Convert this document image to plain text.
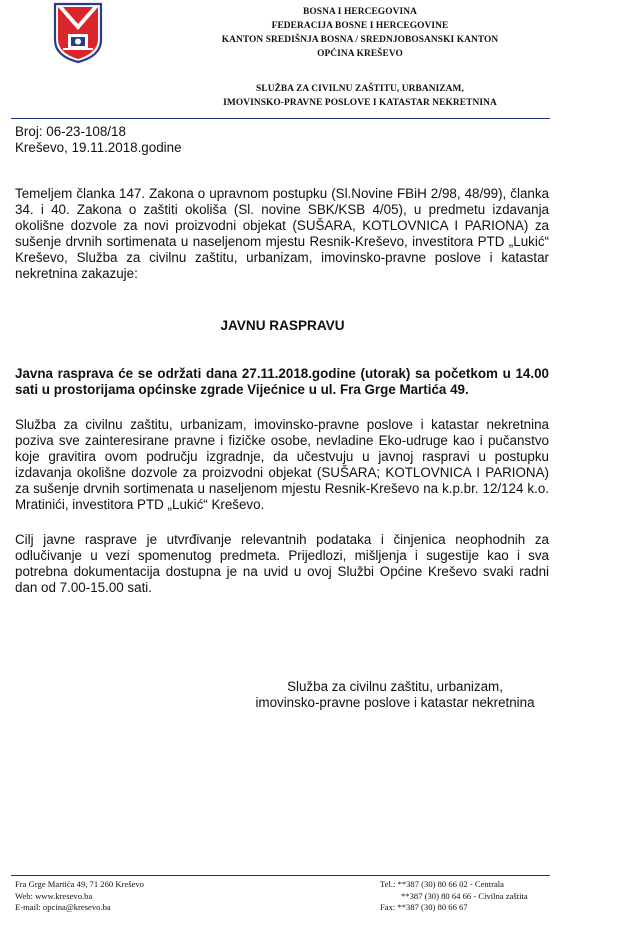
BOSNA I HERCEGOVINA
FEDERACIJA BOSNE I HERCEGOVINE
KANTON SREDIŠNJA BOSNA / SREDNJOBOSANSKI KANTON
OPĆINA KREŠEVO
SLUŽBA ZA CIVILNU ZAŠTITU, URBANIZAM,
IMOVINSKO-PRAVNE POSLOVE I KATASTAR NEKRETNINA
Broj: 06-23-108/18
Kreševo, 19.11.2018.godine
Temeljem članka 147. Zakona o upravnom postupku (Sl.Novine FBiH 2/98, 48/99), članka 34. i 40. Zakona o zaštiti okoliša (Sl. novine SBK/KSB 4/05), u predmetu izdavanja okolišne dozvole za novi proizvodni objekat (SUŠARA, KOTLOVNICA I PARIONA) za sušenje drvnih sortimenata u naseljenom mjestu Resnik-Kreševo, investitora PTD „Lukić“ Kreševo, Služba za civilnu zaštitu, urbanizam, imovinsko-pravne poslove i katastar nekretnina zakazuje:
JAVNU RASPRAVU
Javna rasprava će se održati dana 27.11.2018.godine (utorak) sa početkom u 14.00 sati u prostorijama općinske zgrade Vijećnice u ul. Fra Grge Martića 49.
Služba za civilnu zaštitu, urbanizam, imovinsko-pravne poslove i katastar nekretnina poziva sve zainteresirane pravne i fizičke osobe, nevladine Eko-udruge kao i pučanstvo koje gravitira ovom području izgradnje, da učestvuju u javnoj raspravi u postupku izdavanja okolišne dozvole za proizvodni objekat (SUŠARA; KOTLOVNICA I PARIONA) za sušenje drvnih sortimenata u naseljenom mjestu Resnik-Kreševo na k.p.br. 12/124 k.o. Mratinići, investitora PTD „Lukić“ Kreševo.
Cilj javne rasprave je utvrđivanje relevantnih podataka i činjenica neophodnih za odlučivanje u vezi spomenutog predmeta. Prijedlozi, mišljenja i sugestije kao i sva potrebna dokumentacija dostupna je na uvid u ovoj Službi Općine Kreševo svaki radni dan od 7.00-15.00 sati.
Služba za civilnu zaštitu, urbanizam,
imovinsko-pravne poslove i katastar nekretnina
Fra Grge Martića 49, 71 260 Kreševo
Web: www.kresevo.ba
E-mail: opcina@kresevo.ba
Tel.: **387 (30) 80 66 02 - Centrala
**387 (30) 80 64 66 - Civilna zaštita
Fax: **387 (30) 80 66 67
